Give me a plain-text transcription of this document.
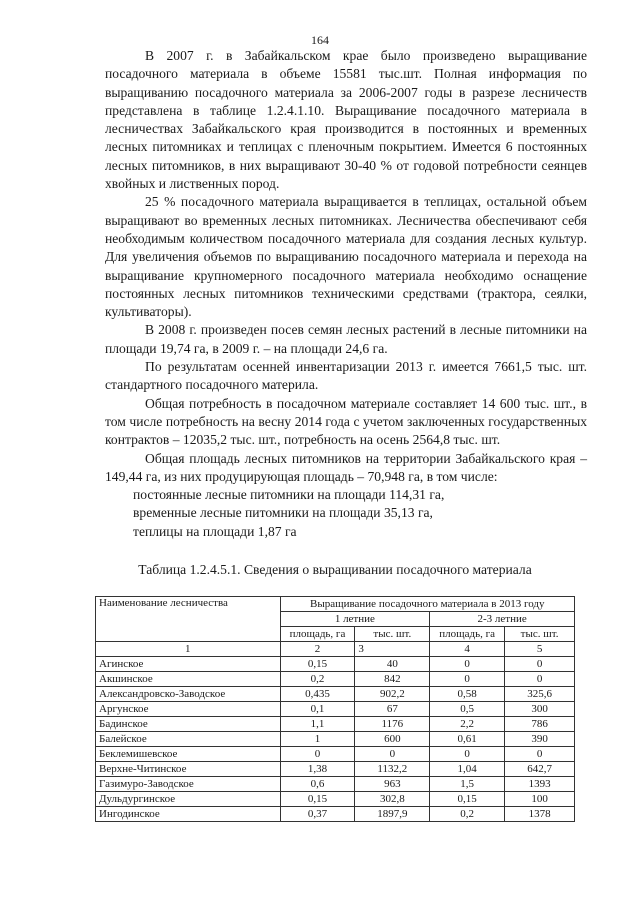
164

В 2007 г. в Забайкальском крае было произведено выращивание посадочного материала в объеме 15581 тыс.шт. Полная информация по выращиванию посадочного материала за 2006-2007 годы в разрезе лесничеств представлена в таблице 1.2.4.1.10. Выращивание посадочного материала в лесничествах Забайкальского края производится в постоянных и временных лесных питомниках и теплицах с пленочным покрытием. Имеется 6 постоянных лесных питомников, в них выращивают 30-40 % от годовой потребности сеянцев хвойных и лиственных пород.

25 % посадочного материала выращивается в теплицах, остальной объем выращивают во временных лесных питомниках. Лесничества обеспечивают себя необходимым количеством посадочного материала для создания лесных культур. Для увеличения объемов по выращиванию посадочного материала и перехода на выращивание крупномерного посадочного материала необходимо оснащение постоянных лесных питомников техническими средствами (трактора, сеялки, культиваторы).

В 2008 г. произведен посев семян лесных растений в лесные питомники на площади 19,74 га, в 2009 г. – на площади 24,6 га.

По результатам осенней инвентаризации 2013 г. имеется 7661,5 тыс. шт. стандартного посадочного материла.

Общая потребность в посадочном материале составляет 14 600 тыс. шт., в том числе потребность на весну 2014 года с учетом заключенных государственных контрактов – 12035,2 тыс. шт., потребность на осень 2564,8 тыс. шт.

Общая площадь лесных питомников на территории Забайкальского края –149,44 га, из них продуцирующая площадь – 70,948 га, в том числе:

постоянные лесные питомники на площади 114,31 га,

временные лесные питомники на площади 35,13 га,

теплицы на площади 1,87 га

Таблица 1.2.4.5.1. Сведения о выращивании посадочного материала
Наименование лесничества	Выращивание посадочного материала в 2013 году			
	1 летние		2-3 летние	
	площадь, га	тыс. шт.	площадь, га	тыс. шт.
1	2	3	4	5
Агинское	0,15	40	0	0
Акшинское	0,2	842	0	0
Александровско-Заводское	0,435	902,2	0,58	325,6
Аргунское	0,1	67	0,5	300
Бадинское	1,1	1176	2,2	786
Балейское	1	600	0,61	390
Беклемишевское	0	0	0	0
Верхне-Читинское	1,38	1132,2	1,04	642,7
Газимуро-Заводское	0,6	963	1,5	1393
Дульдургинское	0,15	302,8	0,15	100
Ингодинское	0,37	1897,9	0,2	1378
